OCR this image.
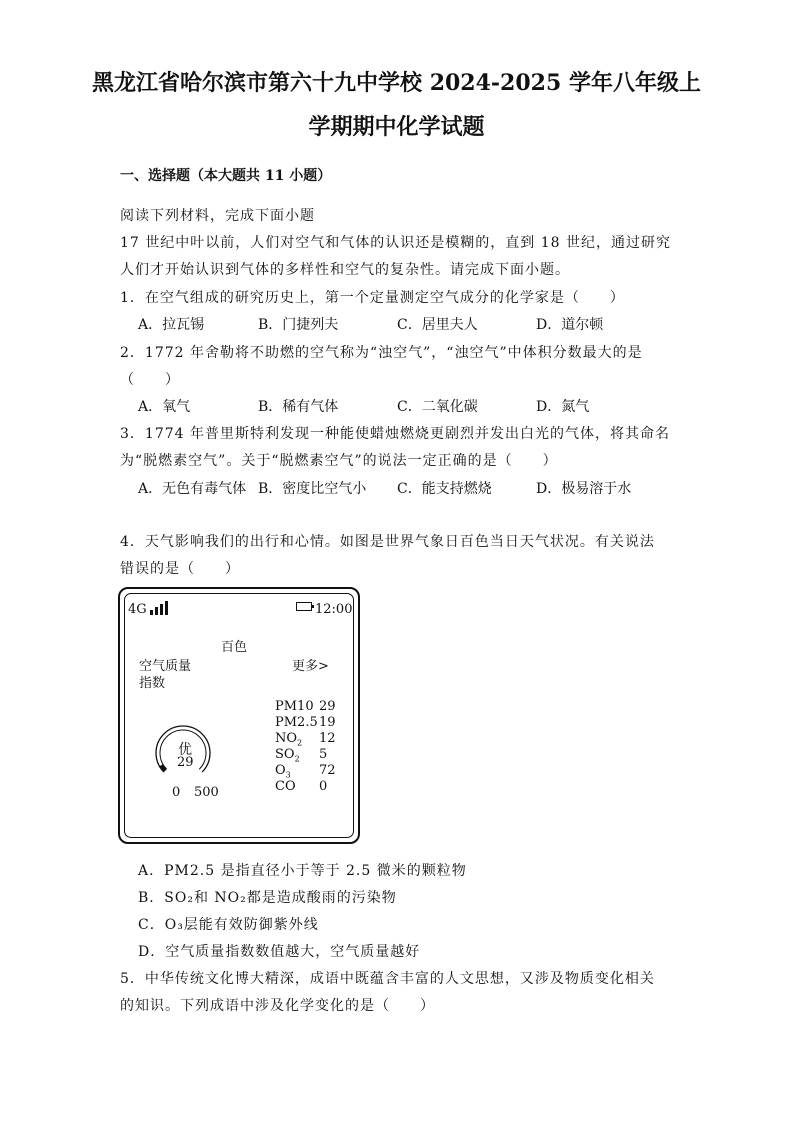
黑龙江省哈尔滨市第六十九中学校 2024-2025 学年八年级上
学期期中化学试题
一、选择题（本大题共 11 小题）
阅读下列材料，完成下面小题
17 世纪中叶以前，人们对空气和气体的认识还是模糊的，直到 18 世纪，通过研究
人们才开始认识到气体的多样性和空气的复杂性。请完成下面小题。
1．在空气组成的研究历史上，第一个定量测定空气成分的化学家是（　　）
A．拉瓦锡	B．门捷列夫	C．居里夫人	D．道尔顿
2．1772 年舍勒将不助燃的空气称为“浊空气”，“浊空气”中体积分数最大的是
（　　）
A．氧气	B．稀有气体	C．二氧化碳	D．氮气
3．1774 年普里斯特利发现一种能使蜡烛燃烧更剧烈并发出白光的气体，将其命名
为“脱燃素空气”。关于“脱燃素空气”的说法一定正确的是（　　）
A．无色有毒气体 B．密度比空气小 C．能支持燃烧	D．极易溶于水
4．天气影响我们的出行和心情。如图是世界气象日百色当日天气状况。有关说法
错误的是（　　）
4G	12:00
百色
空气质量
指数
更多>
优
29
0 500
PM10 29
PM2.5 19
$NO_2$ 12
$SO_2$ 5
$O_3$ 72
CO 0
A．PM2.5 是指直径小于等于 2.5 微米的颗粒物
B．SO₂和 NO₂都是造成酸雨的污染物
C．O₃层能有效防御紫外线
D．空气质量指数数值越大，空气质量越好
5．中华传统文化博大精深，成语中既蕴含丰富的人文思想，又涉及物质变化相关
的知识。下列成语中涉及化学变化的是（　　）
